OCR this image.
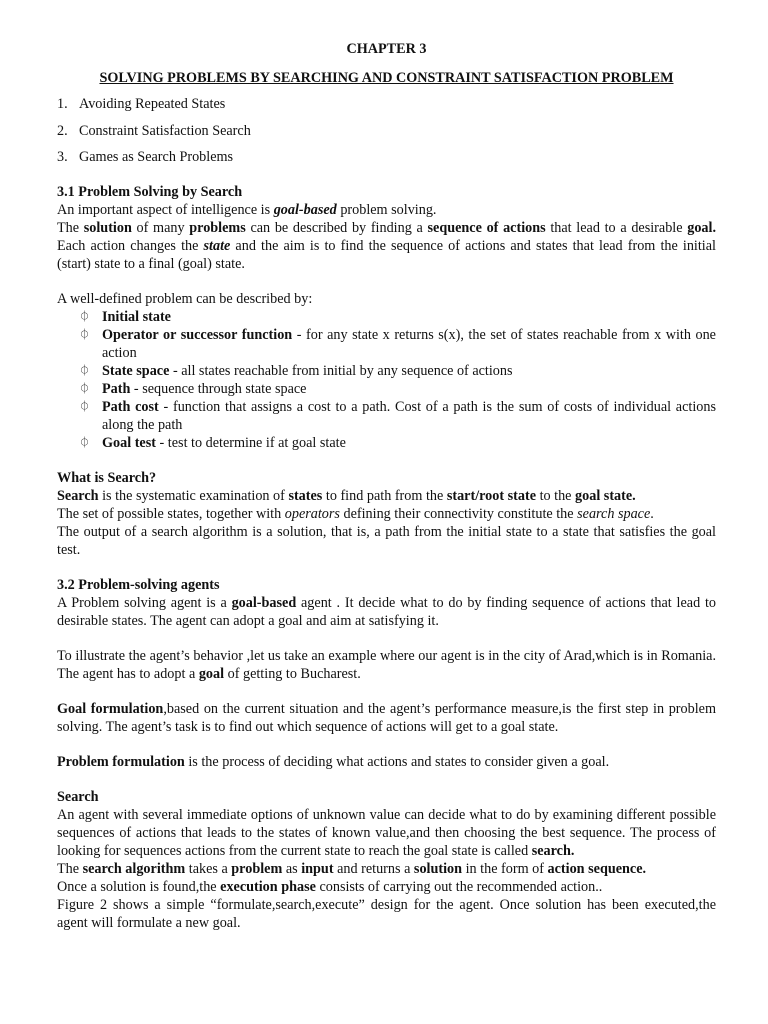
CHAPTER 3
SOLVING PROBLEMS BY SEARCHING AND CONSTRAINT SATISFACTION PROBLEM
1. Avoiding Repeated States
2. Constraint Satisfaction Search
3. Games as Search Problems

3.1 Problem Solving by Search

An important aspect of intelligence is goal-based problem solving.

The solution of many problems can be described by finding a sequence of actions that lead to a desirable goal. Each action changes the state and the aim is to find the sequence of actions and states that lead from the initial (start) state to a final (goal) state.

A well-defined problem can be described by:

⏀ Initial state
⏀ Operator or successor function - for any state x returns s(x), the set of states reachable from x with one action
⏀ State space - all states reachable from initial by any sequence of actions
⏀ Path - sequence through state space
⏀ Path cost - function that assigns a cost to a path. Cost of a path is the sum of costs of individual actions along the path
⏀ Goal test - test to determine if at goal state

What is Search?

Search is the systematic examination of states to find path from the start/root state to the goal state.

The set of possible states, together with operators defining their connectivity constitute the search space.

The output of a search algorithm is a solution, that is, a path from the initial state to a state that satisfies the goal test.

3.2 Problem-solving agents

A Problem solving agent is a goal-based agent . It decide what to do by finding sequence of actions that lead to desirable states. The agent can adopt a goal and aim at satisfying it.

To illustrate the agent’s behavior ,let us take an example where our agent is in the city of Arad,which is in Romania. The agent has to adopt a goal of getting to Bucharest.

Goal formulation,based on the current situation and the agent’s performance measure,is the first step in problem solving. The agent’s task is to find out which sequence of actions will get to a goal state.

Problem formulation is the process of deciding what actions and states to consider given a goal.

Search

An agent with several immediate options of unknown value can decide what to do by examining different possible sequences of actions that leads to the states of known value,and then choosing the best sequence. The process of looking for sequences actions from the current state to reach the goal state is called search.

The search algorithm takes a problem as input and returns a solution in the form of action sequence.

Once a solution is found,the execution phase consists of carrying out the recommended action..

Figure 2 shows a simple “formulate,search,execute” design for the agent. Once solution has been executed,the agent will formulate a new goal.
